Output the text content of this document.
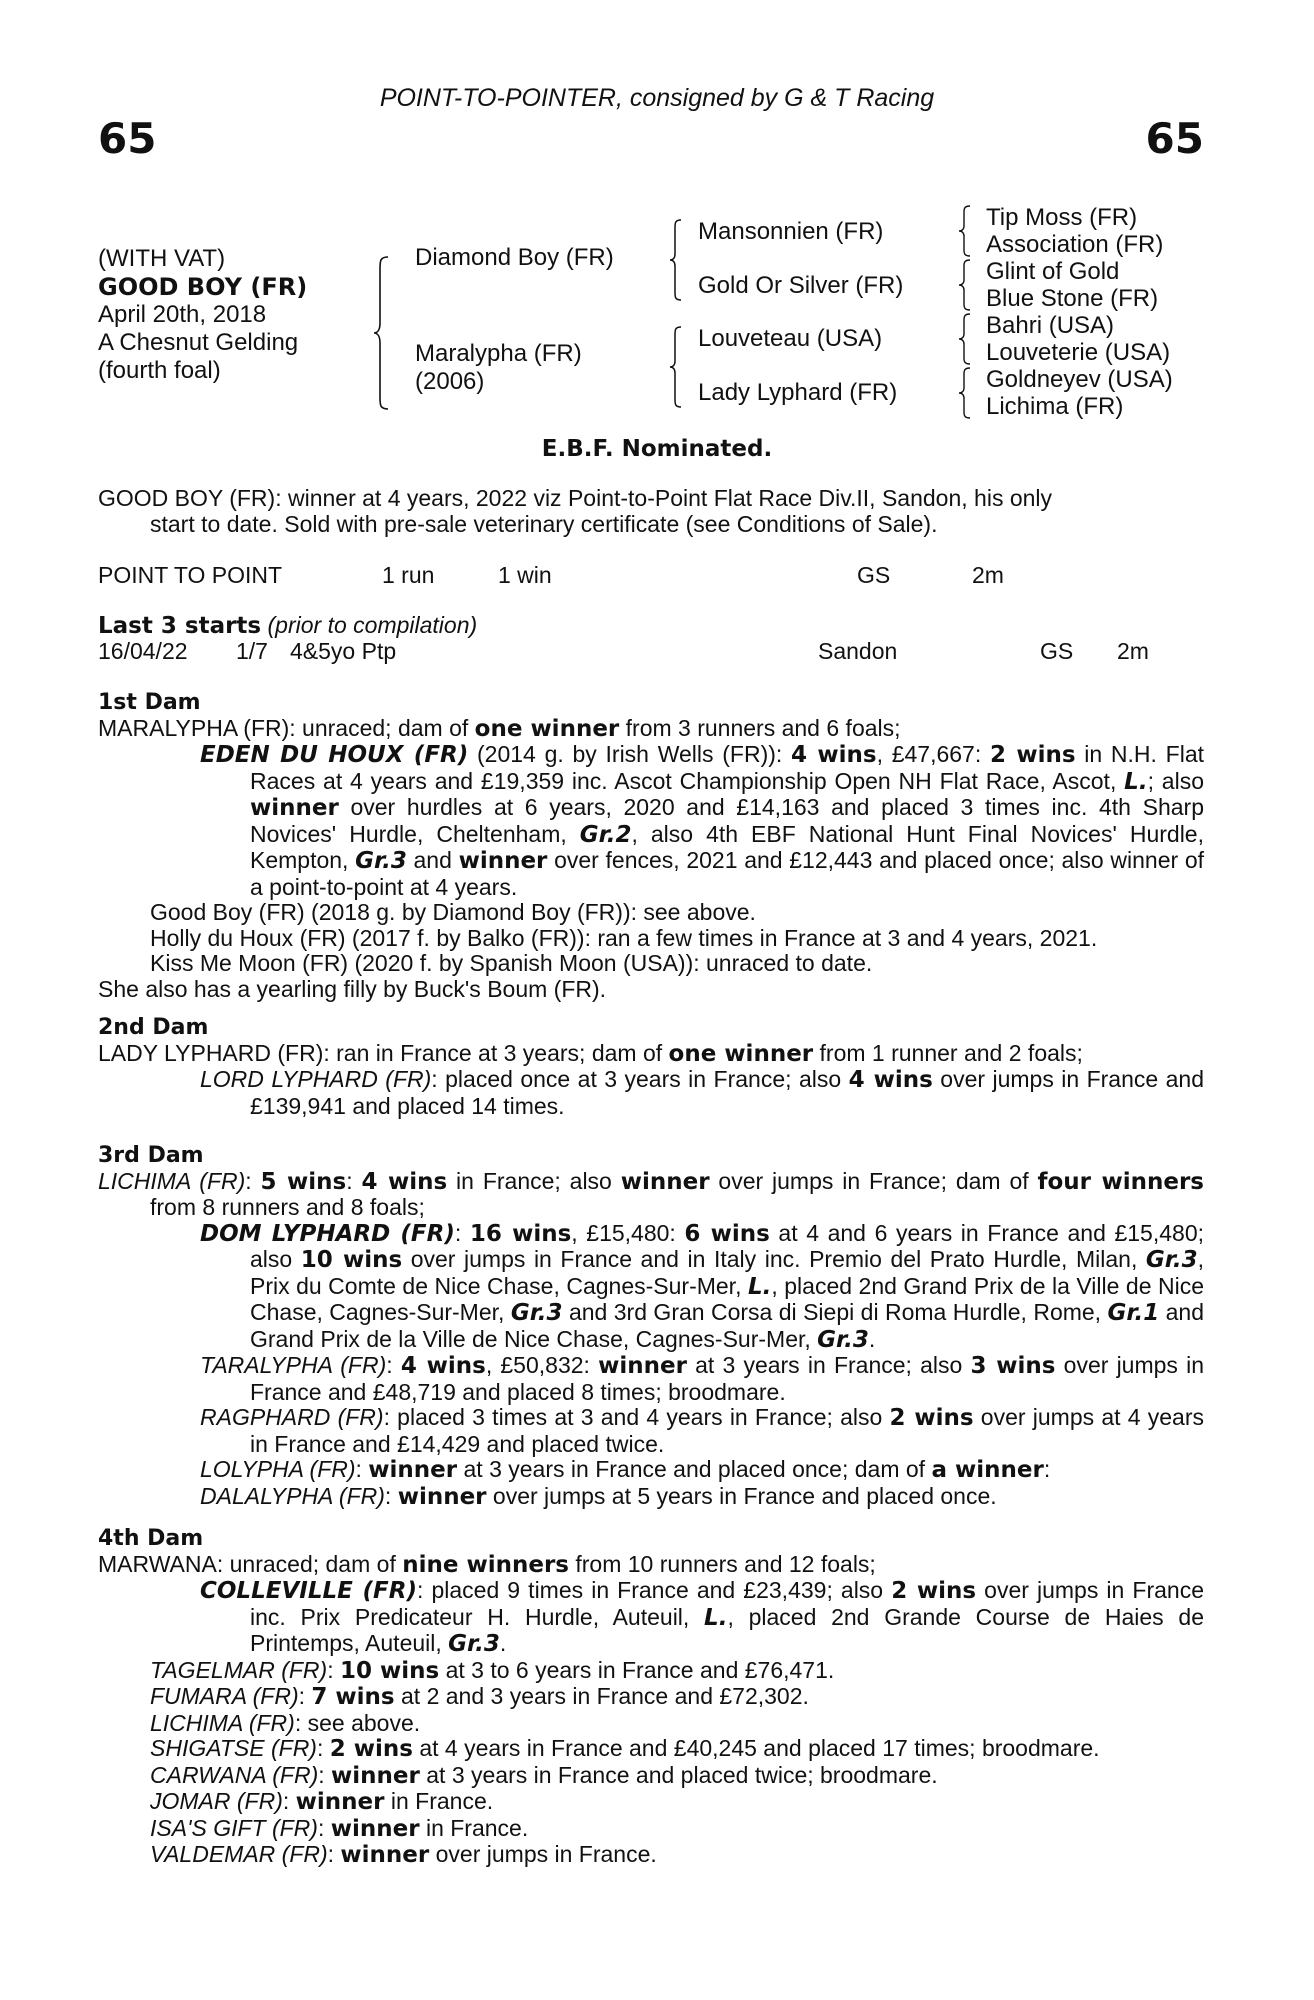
65	65
POINT-TO-POINTER, consigned by G & T Racing
(WITH VAT)
GOOD BOY (FR)
April 20th, 2018
A Chesnut Gelding
(fourth foal)
Diamond Boy (FR)
Maralypha (FR)
(2006)
Mansonnien (FR)
Gold Or Silver (FR)
Louveteau (USA)
Lady Lyphard (FR)
Tip Moss (FR)
Association (FR)
Glint of Gold
Blue Stone (FR)
Bahri (USA)
Louveterie (USA)
Goldneyev (USA)
Lichima (FR)
E.B.F. Nominated.

GOOD BOY (FR): winner at 4 years, 2022 viz Point-to-Point Flat Race Div.II, Sandon, his only

start to date. Sold with pre-sale veterinary certificate (see Conditions of Sale).

POINT TO POINT	1 run	1 win	GS	2m
Last 3 starts (prior to compilation)
16/04/22 1/7 4&5yo Ptp	Sandon	GS 2m

1st Dam

MARALYPHA (FR): unraced; dam of one winner from 3 runners and 6 foals;

EDEN DU HOUX (FR) (2014 g. by Irish Wells (FR)): 4 wins, £47,667: 2 wins in N.H. Flat Races at 4 years and £19,359 inc. Ascot Championship Open NH Flat Race, Ascot, L.; also winner over hurdles at 6 years, 2020 and £14,163 and placed 3 times inc. 4th Sharp Novices' Hurdle, Cheltenham, Gr.2, also 4th EBF National Hunt Final Novices' Hurdle, Kempton, Gr.3 and winner over fences, 2021 and £12,443 and placed once; also winner of a point-to-point at 4 years.

Good Boy (FR) (2018 g. by Diamond Boy (FR)): see above.

Holly du Houx (FR) (2017 f. by Balko (FR)): ran a few times in France at 3 and 4 years, 2021.

Kiss Me Moon (FR) (2020 f. by Spanish Moon (USA)): unraced to date.

She also has a yearling filly by Buck's Boum (FR).

2nd Dam

LADY LYPHARD (FR): ran in France at 3 years; dam of one winner from 1 runner and 2 foals;

LORD LYPHARD (FR): placed once at 3 years in France; also 4 wins over jumps in France and £139,941 and placed 14 times.

3rd Dam

LICHIMA (FR): 5 wins: 4 wins in France; also winner over jumps in France; dam of four winners from 8 runners and 8 foals;

DOM LYPHARD (FR): 16 wins, £15,480: 6 wins at 4 and 6 years in France and £15,480; also 10 wins over jumps in France and in Italy inc. Premio del Prato Hurdle, Milan, Gr.3, Prix du Comte de Nice Chase, Cagnes-Sur-Mer, L., placed 2nd Grand Prix de la Ville de Nice Chase, Cagnes-Sur-Mer, Gr.3 and 3rd Gran Corsa di Siepi di Roma Hurdle, Rome, Gr.1 and Grand Prix de la Ville de Nice Chase, Cagnes-Sur-Mer, Gr.3.

TARALYPHA (FR): 4 wins, £50,832: winner at 3 years in France; also 3 wins over jumps in France and £48,719 and placed 8 times; broodmare.

RAGPHARD (FR): placed 3 times at 3 and 4 years in France; also 2 wins over jumps at 4 years in France and £14,429 and placed twice.

LOLYPHA (FR): winner at 3 years in France and placed once; dam of a winner:

DALALYPHA (FR): winner over jumps at 5 years in France and placed once.

4th Dam

MARWANA: unraced; dam of nine winners from 10 runners and 12 foals;

COLLEVILLE (FR): placed 9 times in France and £23,439; also 2 wins over jumps in France inc. Prix Predicateur H. Hurdle, Auteuil, L., placed 2nd Grande Course de Haies de Printemps, Auteuil, Gr.3.

TAGELMAR (FR): 10 wins at 3 to 6 years in France and £76,471.

FUMARA (FR): 7 wins at 2 and 3 years in France and £72,302.

LICHIMA (FR): see above.

SHIGATSE (FR): 2 wins at 4 years in France and £40,245 and placed 17 times; broodmare.

CARWANA (FR): winner at 3 years in France and placed twice; broodmare.

JOMAR (FR): winner in France.

ISA'S GIFT (FR): winner in France.

VALDEMAR (FR): winner over jumps in France.
